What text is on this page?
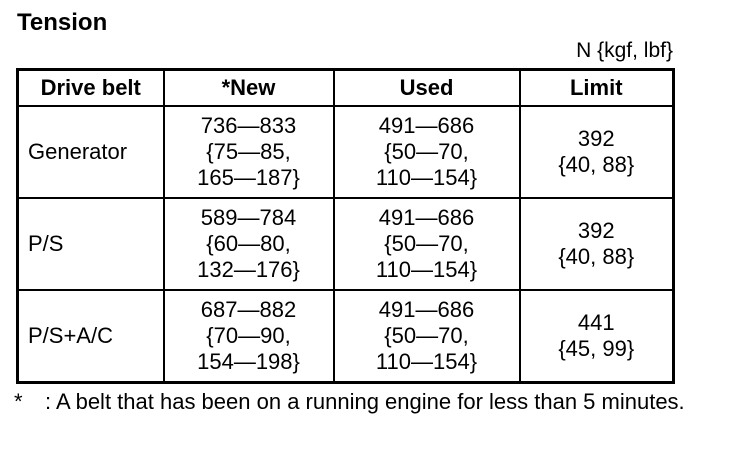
Tension
N {kgf, lbf}
Drive belt	*New	Used	Limit
Generator	736—833
{75—85,
165—187}	491—686
{50—70,
110—154}	392
{40, 88}

P/S	589—784
{60—80,
132—176}	491—686
{50—70,
110—154}	392
{40, 88}

P/S+A/C	687—882
{70—90,
154—198}	491—686
{50—70,
110—154}	441
{45, 99}
* : A belt that has been on a running engine for less than 5 minutes.
